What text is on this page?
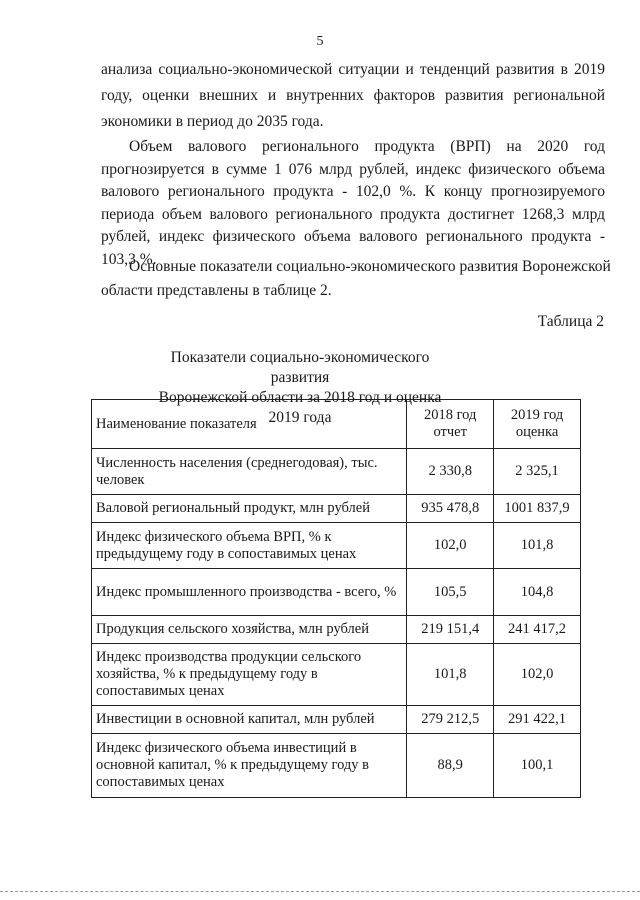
5

анализа социально-экономической ситуации и тенденций развития в 2019
году, оценки внешних и внутренних факторов развития региональной
экономики в период до 2035 года.

Объем валового регионального продукта (ВРП) на 2020 год
прогнозируется в сумме 1 076 млрд рублей, индекс физического объема
валового регионального продукта - 102,0 %. К концу прогнозируемого
периода объем валового регионального продукта достигнет 1268,3 млрд
рублей, индекс физического объема валового регионального продукта -
103,3 %.

Основные показатели социально-экономического развития Воронежской
области представлены в таблице 2.

Таблица 2
Показатели социально-экономического развития
Воронежской области за 2018 год и оценка 2019 года
Наименование показателя	2018 год отчет	2019 год оценка
Численность населения (среднегодовая), тыс. человек	2 330,8	2 325,1
Валовой региональный продукт, млн рублей	935 478,8	1001 837,9
Индекс физического объема ВРП, % к предыдущему году в сопоставимых ценах	102,0	101,8
Индекс промышленного производства - всего, %	105,5	104,8
Продукция сельского хозяйства, млн рублей	219 151,4	241 417,2
Индекс производства продукции сельского хозяйства, % к предыдущему году в сопоставимых ценах	101,8	102,0
Инвестиции в основной капитал, млн рублей	279 212,5	291 422,1
Индекс физического объема инвестиций в основной капитал, % к предыдущему году в сопоставимых ценах	88,9	100,1
